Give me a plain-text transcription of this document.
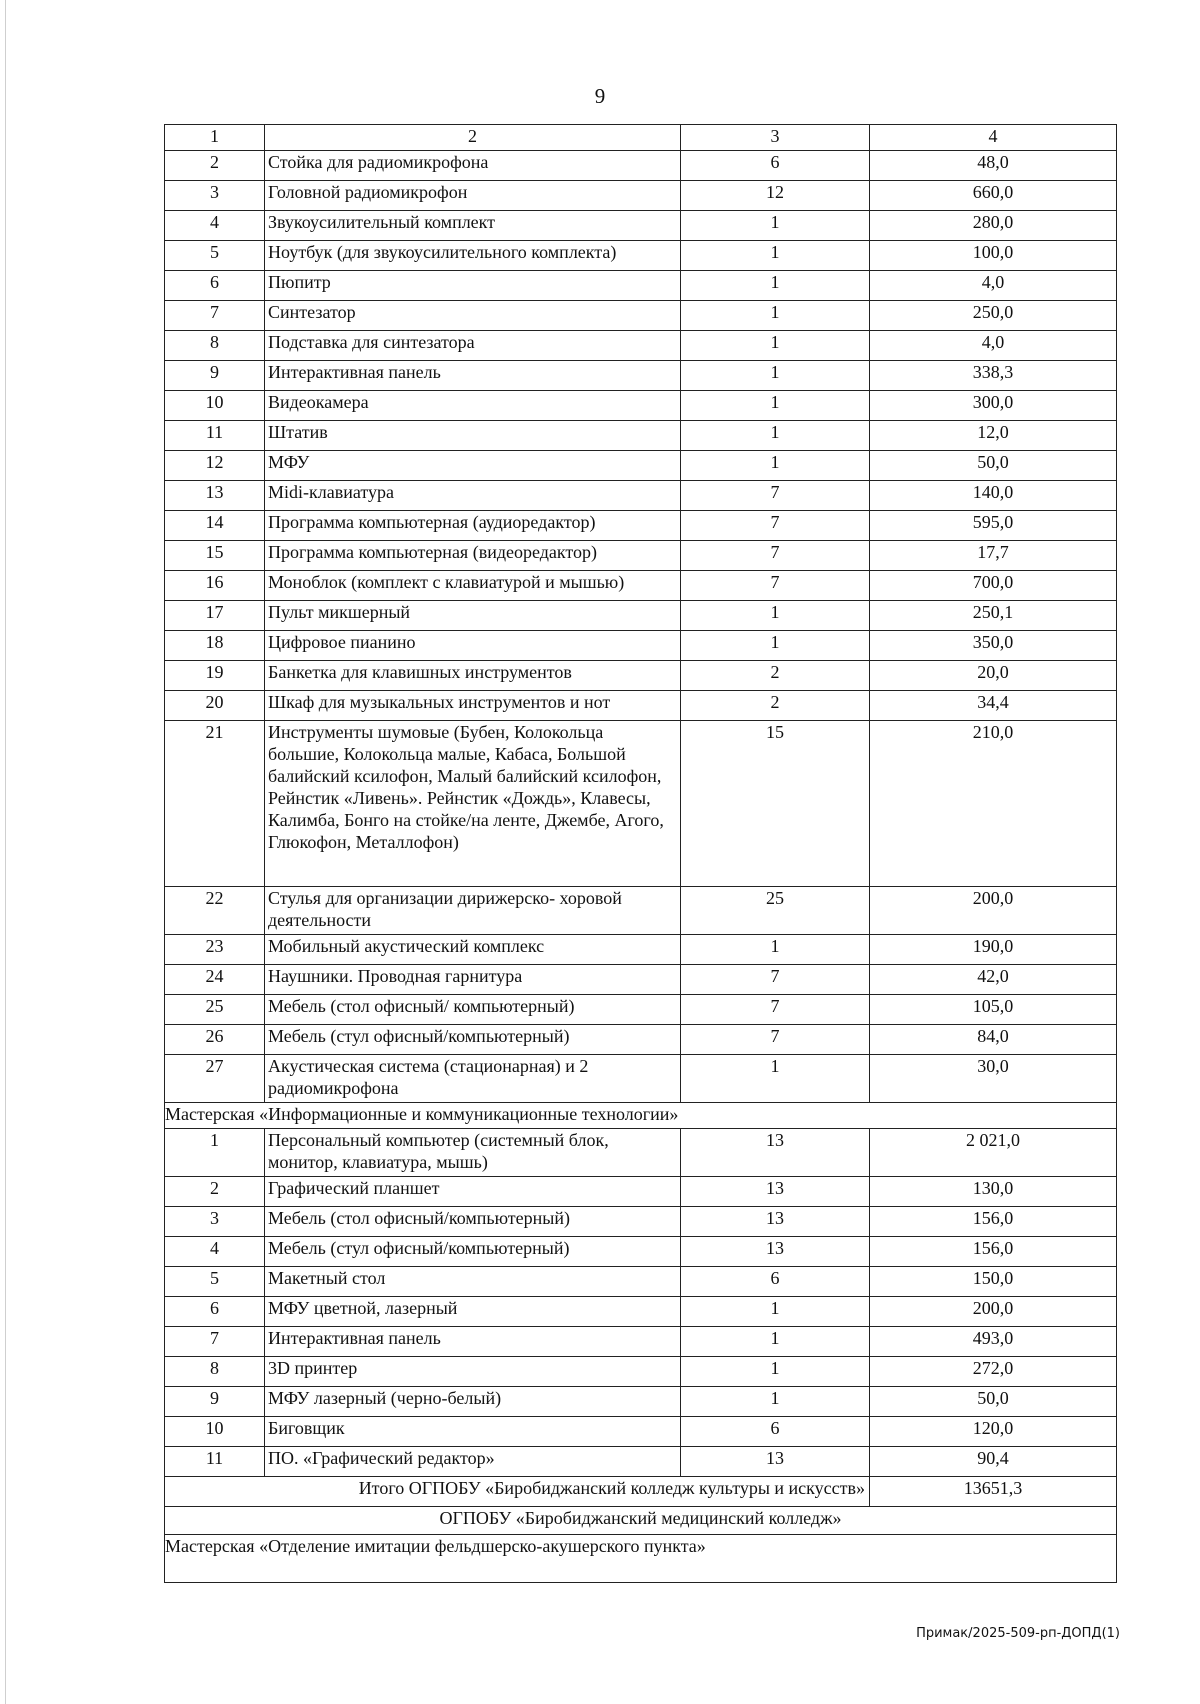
9
1	2	3	4
2	Стойка для радиомикрофона	6	48,0
3	Головной радиомикрофон	12	660,0
4	Звукоусилительный комплект	1	280,0
5	Ноутбук (для звукоусилительного комплекта)	1	100,0
6	Пюпитр	1	4,0
7	Синтезатор	1	250,0
8	Подставка для синтезатора	1	4,0
9	Интерактивная панель	1	338,3
10	Видеокамера	1	300,0
11	Штатив	1	12,0
12	МФУ	1	50,0
13	Midi-клавиатура	7	140,0
14	Программа компьютерная (аудиоредактор)	7	595,0
15	Программа компьютерная (видеоредактор)	7	17,7
16	Моноблок (комплект с клавиатурой и мышью)	7	700,0
17	Пульт микшерный	1	250,1
18	Цифровое пианино	1	350,0
19	Банкетка для клавишных инструментов	2	20,0
20	Шкаф для музыкальных инструментов и нот	2	34,4
21	Инструменты шумовые (Бубен, Колокольца большие, Колокольца малые, Кабаса, Большой балийский ксилофон, Малый балийский ксилофон, Рейнстик «Ливень». Рейнстик «Дождь», Клавесы, Калимба, Бонго на стойке/на ленте, Джембе, Агого, Глюкофон, Металлофон)	15	210,0
22	Стулья для организации дирижерско- хоровой деятельности	25	200,0
23	Мобильный акустический комплекс	1	190,0
24	Наушники. Проводная гарнитура	7	42,0
25	Мебель (стол офисный/ компьютерный)	7	105,0
26	Мебель (стул офисный/компьютерный)	7	84,0
27	Акустическая система (стационарная) и 2 радиомикрофона	1	30,0
Мастерская «Информационные и коммуникационные технологии»			
1	Персональный компьютер (системный блок, монитор, клавиатура, мышь)	13	2 021,0
2	Графический планшет	13	130,0
3	Мебель (стол офисный/компьютерный)	13	156,0
4	Мебель (стул офисный/компьютерный)	13	156,0
5	Макетный стол	6	150,0
6	МФУ цветной, лазерный	1	200,0
7	Интерактивная панель	1	493,0
8	3D принтер	1	272,0
9	МФУ лазерный (черно-белый)	1	50,0
10	Биговщик	6	120,0
11	ПО. «Графический редактор»	13	90,4
Итого ОГПОБУ «Биробиджанский колледж культуры и искусств»			13651,3
ОГПОБУ «Биробиджанский медицинский колледж»			
Мастерская «Отделение имитации фельдшерско-акушерского пункта»			
Примак/2025-509-рп-ДОПД(1)
